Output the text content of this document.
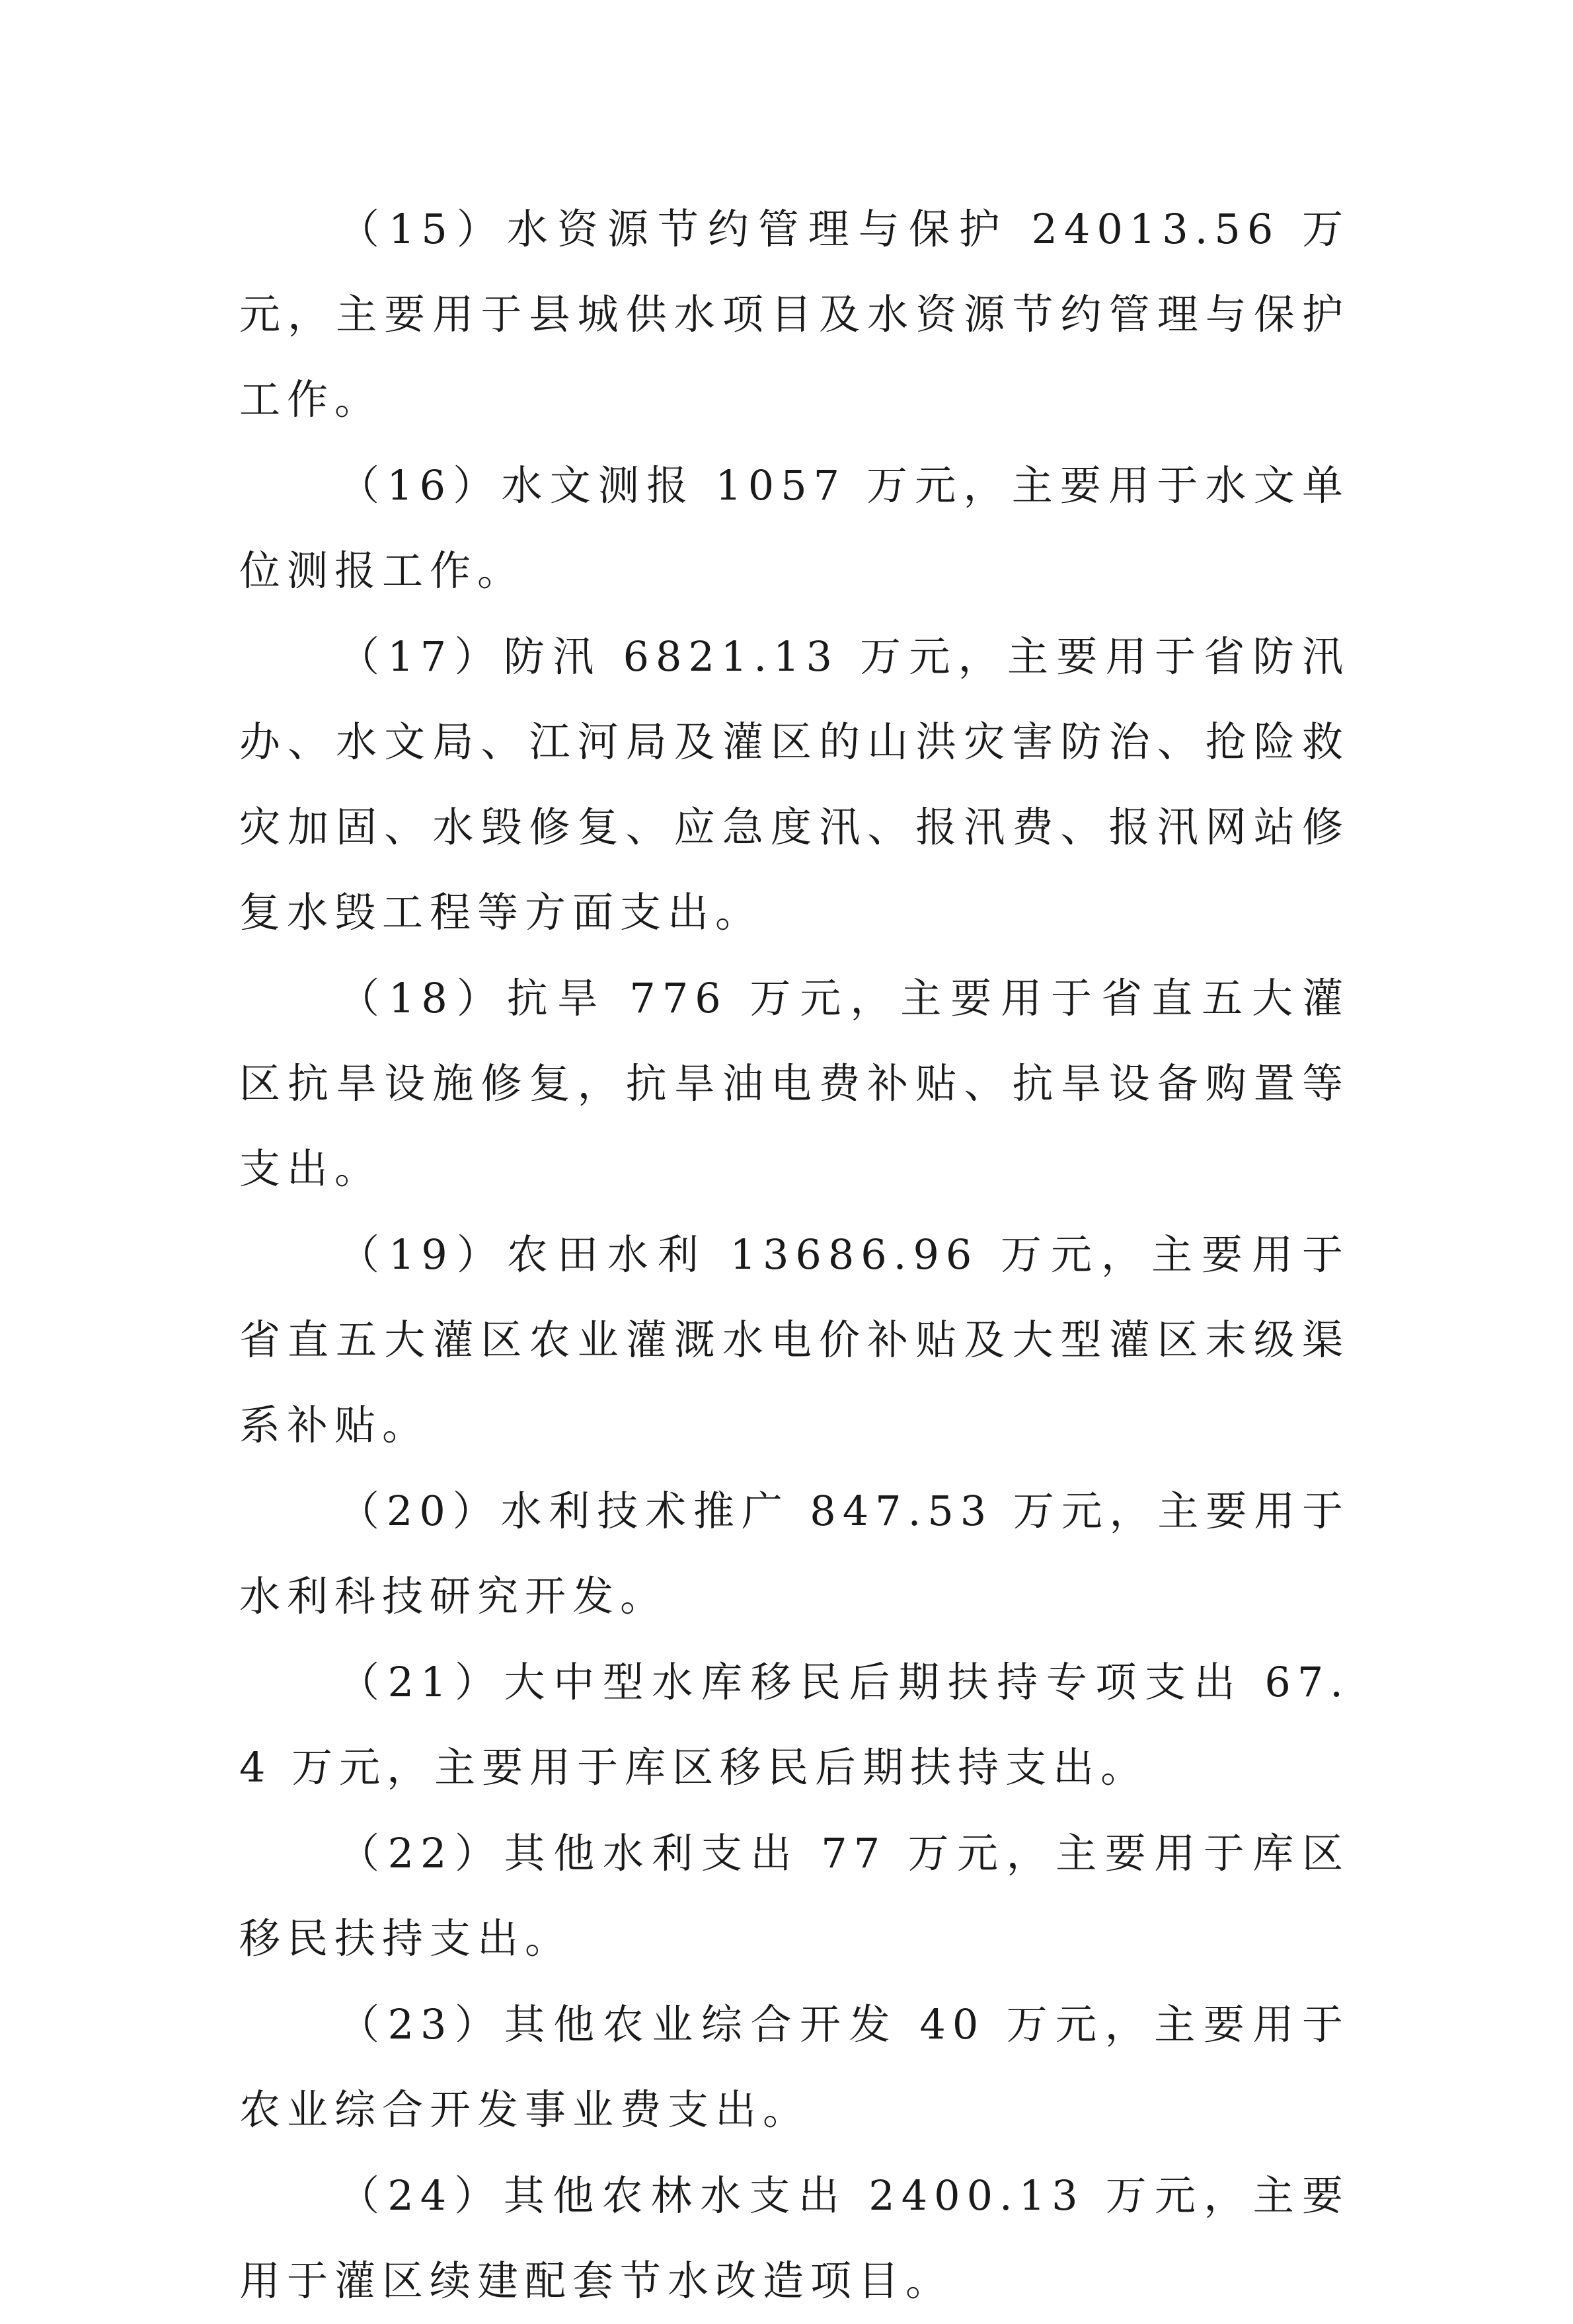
（15）水资源节约管理与保护 24013.56 万元，主要用于县城供水项目及水资源节约管理与保护工作。

（16）水文测报 1057 万元，主要用于水文单位测报工作。

（17）防汛 6821.13 万元，主要用于省防汛办、水文局、江河局及灌区的山洪灾害防治、抢险救灾加固、水毁修复、应急度汛、报汛费、报汛网站修复水毁工程等方面支出。

（18）抗旱 776 万元，主要用于省直五大灌区抗旱设施修复，抗旱油电费补贴、抗旱设备购置等支出。

（19）农田水利 13686.96 万元，主要用于省直五大灌区农业灌溉水电价补贴及大型灌区末级渠系补贴。

（20）水利技术推广 847.53 万元，主要用于水利科技研究开发。

（21）大中型水库移民后期扶持专项支出 67.4 万元，主要用于库区移民后期扶持支出。

（22）其他水利支出 77 万元，主要用于库区移民扶持支出。

（23）其他农业综合开发 40 万元，主要用于农业综合开发事业费支出。

（24）其他农林水支出 2400.13 万元，主要用于灌区续建配套节水改造项目。
